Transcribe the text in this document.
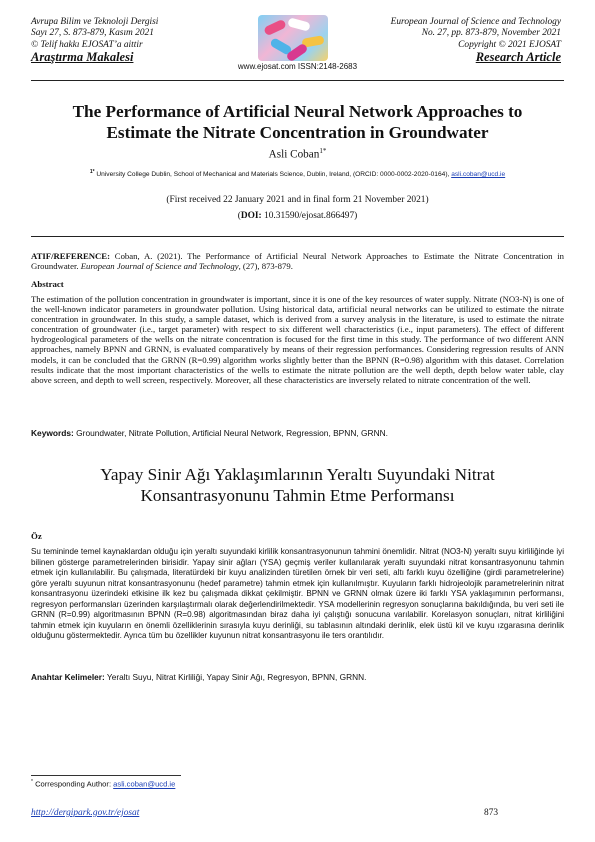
Avrupa Bilim ve Teknoloji Dergisi
Sayı 27, S. 873-879, Kasım 2021
© Telif hakkı EJOSAT’a aittir
Araştırma Makalesi
European Journal of Science and Technology
No. 27, pp. 873-879, November 2021
Copyright © 2021 EJOSAT
Research Article
www.ejosat.com ISSN:2148-2683
The Performance of Artificial Neural Network Approaches to Estimate the Nitrate Concentration in Groundwater
Asli Coban$^{1*}$
$^{1*}$ University College Dublin, School of Mechanical and Materials Science, Dublin, Ireland, (ORCID: 0000-0002-2020-0164), asli.coban@ucd.ie
(First received 22 January 2021 and in final form 21 November 2021)
(DOI: 10.31590/ejosat.866497)
ATIF/REFERENCE: Coban, A. (2021). The Performance of Artificial Neural Network Approaches to Estimate the Nitrate Concentration in Groundwater. European Journal of Science and Technology, (27), 873-879.
Abstract
The estimation of the pollution concentration in groundwater is important, since it is one of the key resources of water supply. Nitrate (NO3-N) is one of the well-known indicator parameters in groundwater pollution. Using historical data, artificial neural networks can be utilized to estimate the nitrate concentration in groundwater. In this study, a sample dataset, which is derived from a survey analysis in the literature, is used to estimate the nitrate concentration of groundwater (i.e., target parameter) with respect to six different well characteristics (i.e., input parameters). The effect of different hydrogeological parameters of the wells on the nitrate concentration is focused for the first time in this study. The performance of two different ANN approaches, namely BPNN and GRNN, is evaluated comparatively by means of their regression performances. Considering regression results of ANN models, it can be concluded that the GRNN (R=0.99) algorithm works slightly better than the BPNN (R=0.98) algorithm with this dataset. Correlation results indicate that the most important characteristics of the wells to estimate the nitrate pollution are the well depth, depth below water table, clay above screen, and depth to well screen, respectively. Moreover, all these characteristics are inversely related to nitrate concentration of the well.
Keywords: Groundwater, Nitrate Pollution, Artificial Neural Network, Regression, BPNN, GRNN.
Yapay Sinir Ağı Yaklaşımlarının Yeraltı Suyundaki Nitrat Konsantrasyonunu Tahmin Etme Performansı
Öz
Su temininde temel kaynaklardan olduğu için yeraltı suyundaki kirlilik konsantrasyonunun tahmini önemlidir. Nitrat (NO3-N) yeraltı suyu kirliliğinde iyi bilinen gösterge parametrelerinden birisidir. Yapay sinir ağları (YSA) geçmiş veriler kullanılarak yeraltı suyundaki nitrat konsantrasyonunu tahmin etmek için kullanılabilir. Bu çalışmada, literatürdeki bir kuyu analizinden türetilen örnek bir veri seti, altı farklı kuyu özelliğine (girdi parametrelerine) göre yeraltı suyunun nitrat konsantrasyonunu (hedef parametre) tahmin etmek için kullanılmıştır. Kuyuların farklı hidrojeolojik parametrelerinin nitrat konsantrasyonu üzerindeki etkisine ilk kez bu çalışmada dikkat çekilmiştir. BPNN ve GRNN olmak üzere iki farklı YSA yaklaşımının performansı, regresyon performansları üzerinden karşılaştırmalı olarak değerlendirilmektedir. YSA modellerinin regresyon sonuçlarına bakıldığında, bu veri seti ile GRNN (R=0.99) algoritmasının BPNN (R=0.98) algoritmasından biraz daha iyi çalıştığı sonucuna varılabilir. Korelasyon sonuçları, nitrat kirliliğini tahmin etmek için kuyuların en önemli özelliklerinin sırasıyla kuyu derinliği, su tablasının altındaki derinlik, elek üstü kil ve kuyu ızgarasına derinlik olduğunu göstermektedir. Ayrıca tüm bu özellikler kuyunun nitrat konsantrasyonu ile ters orantılıdır.
Anahtar Kelimeler: Yeraltı Suyu, Nitrat Kirliliği, Yapay Sinir Ağı, Regresyon, BPNN, GRNN.
* Corresponding Author: asli.coban@ucd.ie
http://dergipark.gov.tr/ejosat	873
